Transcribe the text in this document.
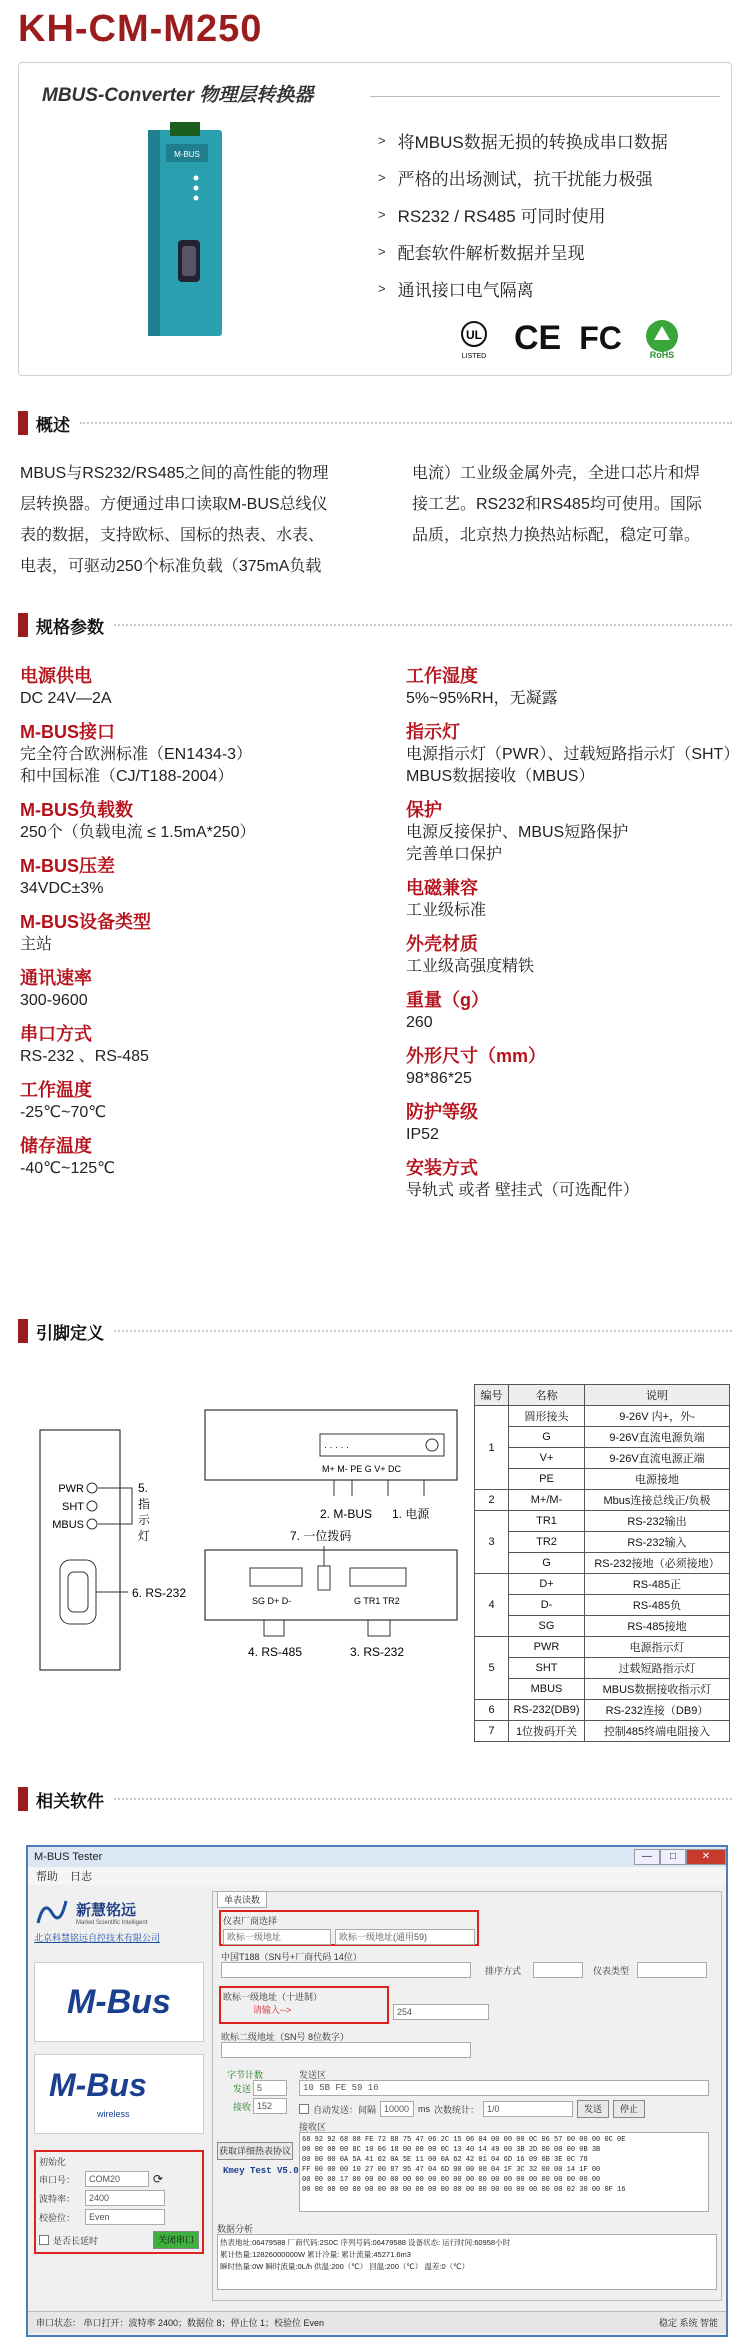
KH-CM-M250
MBUS-Converter 物理层转换器
M-BUS
> 将MBUS数据无损的转换成串口数据
> 严格的出场测试，抗干扰能力极强
> RS232 / RS485 可同时使用
> 配套软件解析数据并呈现
> 通讯接口电气隔离
UL
LISTED CE FC	RoHS
概述
MBUS与RS232/RS485之间的高性能的物理
层转换器。方便通过串口读取M-BUS总线仪
表的数据，支持欧标、国标的热表、水表、
电表，可驱动250个标准负载（375mA负载
电流）工业级金属外壳，全进口芯片和焊
接工艺。RS232和RS485均可使用。国际
品质，北京热力换热站标配，稳定可靠。
规格参数
电源供电
DC 24V—2A
M-BUS接口
完全符合欧洲标准（EN1434-3）
和中国标准（CJ/T188-2004）
M-BUS负载数
250个（负载电流 ≤ 1.5mA*250）
M-BUS压差
34VDC±3%
M-BUS设备类型
主站
通讯速率
300-9600
串口方式
RS-232 、RS-485
工作温度
-25℃~70℃
储存温度
-40℃~125℃
工作湿度
5%~95%RH，无凝露
指示灯
电源指示灯（PWR）、过载短路指示灯（SHT）
MBUS数据接收（MBUS）
保护
电源反接保护、MBUS短路保护
完善单口保护
电磁兼容
工业级标准
外壳材质
工业级高强度精铁
重量（g）
260
外形尺寸（mm）
98*86*25
防护等级
IP52
安装方式
导轨式 或者 壁挂式（可选配件）
引脚定义
PWR
SHT
MBUS
5.
指
示
灯
6. RS-232
· · · · ·
M+ M- PE G V+ DC
2. M-BUS 1. 电源
7. 一位拨码
SG D+ D-	G TR1 TR2
4. RS-485	3. RS-232
编号	名称	说明
1	圆形接头	9-26V 内+，外-
	G	9-26V直流电源负端
	V+	9-26V直流电源正端
	PE	电源接地
2	M+/M-	Mbus连接总线正/负极
3	TR1	RS-232输出
	TR2	RS-232输入
	G	RS-232接地（必须接地）
4	D+	RS-485正
	D-	RS-485负
	SG	RS-485接地
5	PWR	电源指示灯
	SHT	过载短路指示灯
	MBUS	MBUS数据接收指示灯
6	RS-232(DB9)	RS-232连接（DB9）
7	1位拨码开关	控制485终端电阻接入
相关软件
M-BUS Tester	—	□	✕
帮助 日志
新慧铭远
Market Scientific Intelligent
北京科慧铭远自控技术有限公司
M-Bus
M-Bus
wireless
初始化
串口号：	COM20	⟳
波特率：	2400
校验位：	Even
是否长延时	关闭串口
单表读数
仪表厂商选择
欧标一级地址	欧标一级地址(通用59)
中国T188（SN号+厂商代码 14位）
排序方式	仪表类型
欧标一级地址（十进制）
请输入-->	254
欧标二级地址（SN号 8位数字）
字节计数
发送 5
接收 152
发送区
10 5B FE 59 16
自动发送：间隔 10000 ms 次数统计： 1/0	发送	停止
接收区
68 92 92 68 08 FE 72 88 75 47 06 2C 15 06 04 00 00 00 0C 06 57 00 00 00 0C 0E
00 00 00 00 8C 10 06 18 00 00 00 0C 13 40 14 49 00 3B 2D 00 00 00 0B 3B
00 00 00 0A 5A 41 02 0A 5E 11 00 0A 62 42 01 04 6D 16 09 0B 3E 0C 78
FF 00 00 00 10 27 00 87 95 47 04 6D 00 00 00 04 1F 3C 32 00 00 14 1F 00
00 00 00 17 00 00 00 00 00 00 00 00 00 00 00 00 00 00 00 00 00 00 00 00
00 00 00 00 00 00 00 00 00 00 00 00 00 00 00 00 00 00 00 00 00 02 30 00 0F 16
获取详细热表协议
Kmey Test V5.0
数据分析
热表地址:06479588 厂商代码:2S0C 序列号码:06479588 设备状态: 运行时间:60958小时
累计热量:12826000000W 累计冷量: 累计流量:45271.6m3
瞬时热量:0W 瞬时流量:0L/h 供温:200（℃） 回温:200（℃） 温差:0（℃）
串口状态： 串口打开：波特率 2400；数据位 8；停止位 1；校验位 Even	稳定 系统 智能
